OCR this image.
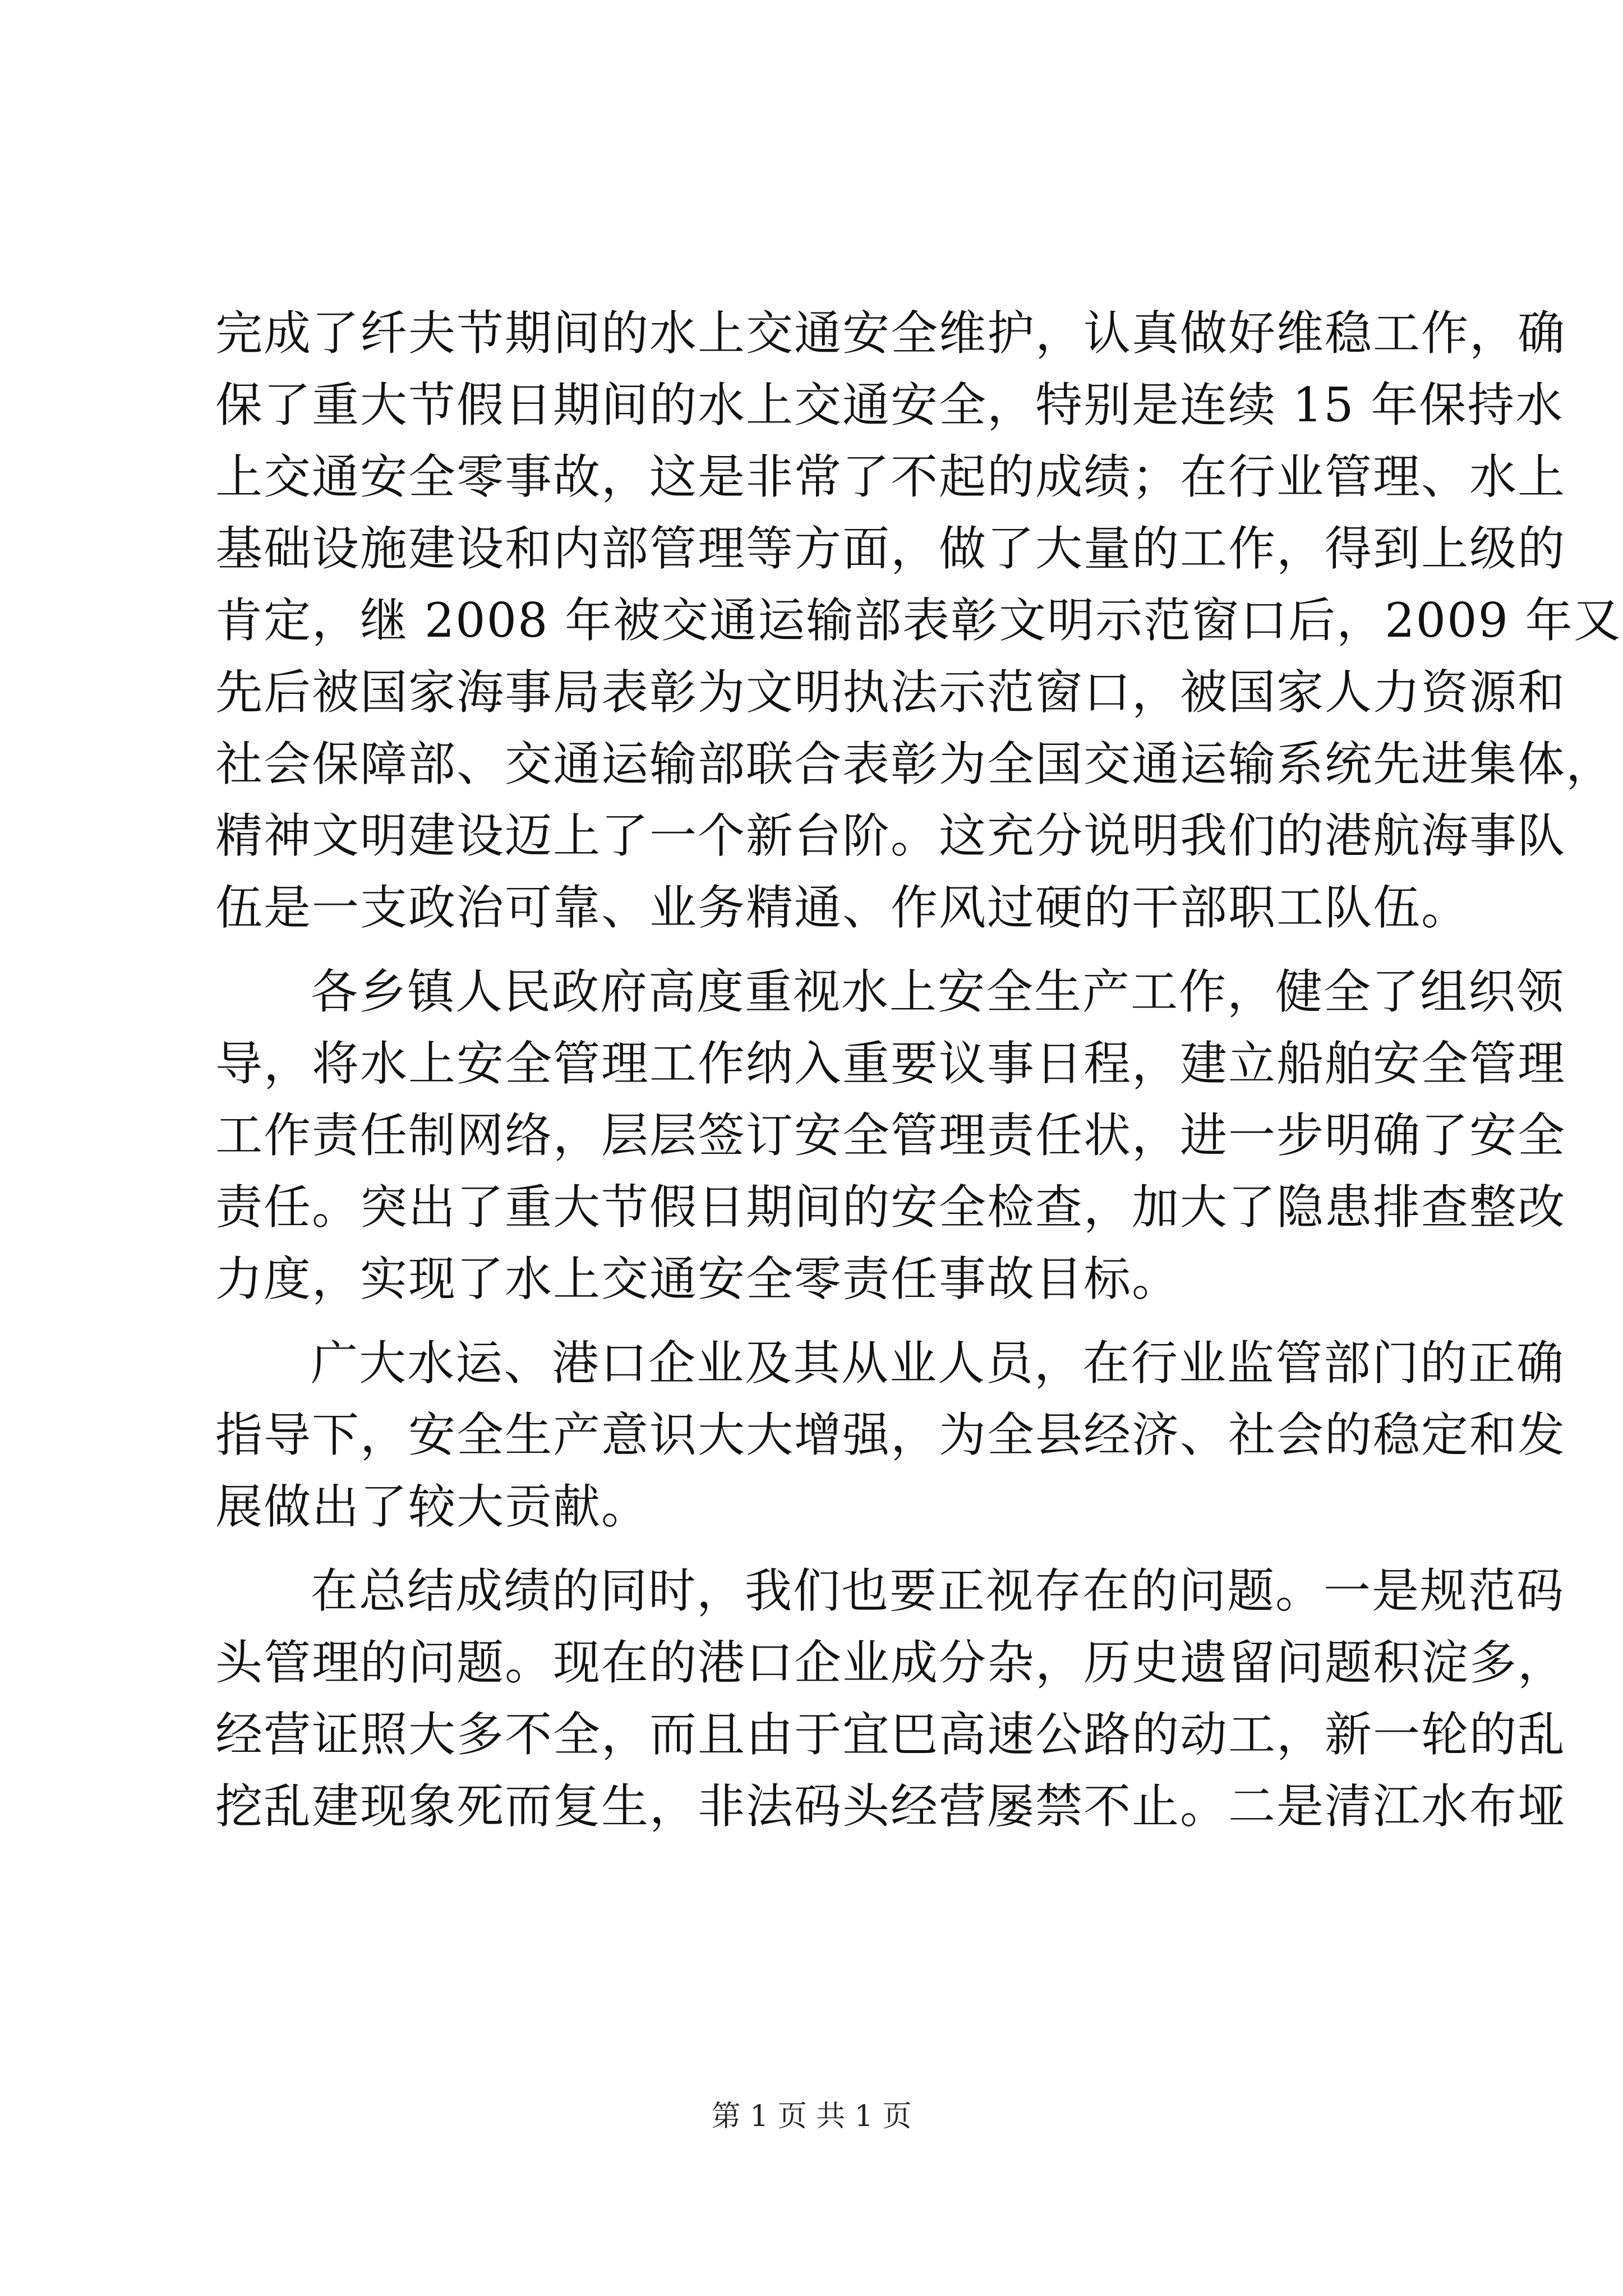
完成了纤夫节期间的水上交通安全维护，认真做好维稳工作，确
保了重大节假日期间的水上交通安全，特别是连续 15 年保持水
上交通安全零事故，这是非常了不起的成绩；在行业管理、水上
基础设施建设和内部管理等方面，做了大量的工作，得到上级的
肯定，继 2008 年被交通运输部表彰文明示范窗口后，2009 年又
先后被国家海事局表彰为文明执法示范窗口，被国家人力资源和
社会保障部、交通运输部联合表彰为全国交通运输系统先进集体，
精神文明建设迈上了一个新台阶。这充分说明我们的港航海事队
伍是一支政治可靠、业务精通、作风过硬的干部职工队伍。
各乡镇人民政府高度重视水上安全生产工作，健全了组织领
导，将水上安全管理工作纳入重要议事日程，建立船舶安全管理
工作责任制网络，层层签订安全管理责任状，进一步明确了安全
责任。突出了重大节假日期间的安全检查，加大了隐患排查整改
力度，实现了水上交通安全零责任事故目标。
广大水运、港口企业及其从业人员，在行业监管部门的正确
指导下，安全生产意识大大增强，为全县经济、社会的稳定和发
展做出了较大贡献。
在总结成绩的同时，我们也要正视存在的问题。一是规范码
头管理的问题。现在的港口企业成分杂，历史遗留问题积淀多，
经营证照大多不全，而且由于宜巴高速公路的动工，新一轮的乱
挖乱建现象死而复生，非法码头经营屡禁不止。二是清江水布垭
第 1 页 共 1 页
